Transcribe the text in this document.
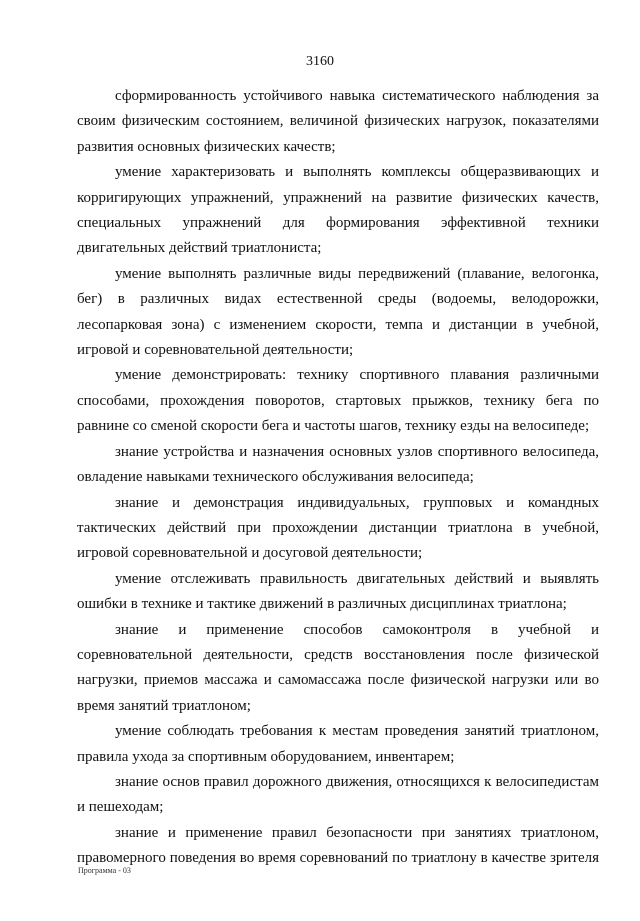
3160

сформированность устойчивого навыка систематического наблюдения за своим физическим состоянием, величиной физических нагрузок, показателями развития основных физических качеств;

умение характеризовать и выполнять комплексы общеразвивающих и корригирующих упражнений, упражнений на развитие физических качеств, специальных упражнений для формирования эффективной техники двигательных действий триатлониста;

умение выполнять различные виды передвижений (плавание, велогонка, бег) в различных видах естественной среды (водоемы, велодорожки, лесопарковая зона) с изменением скорости, темпа и дистанции в учебной, игровой и соревновательной деятельности;

умение демонстрировать: технику спортивного плавания различными способами, прохождения поворотов, стартовых прыжков, технику бега по равнине со сменой скорости бега и частоты шагов, технику езды на велосипеде;

знание устройства и назначения основных узлов спортивного велосипеда, овладение навыками технического обслуживания велосипеда;

знание и демонстрация индивидуальных, групповых и командных тактических действий при прохождении дистанции триатлона в учебной, игровой соревновательной и досуговой деятельности;

умение отслеживать правильность двигательных действий и выявлять ошибки в технике и тактике движений в различных дисциплинах триатлона;

знание и применение способов самоконтроля в учебной и соревновательной деятельности, средств восстановления после физической нагрузки, приемов массажа и самомассажа после физической нагрузки или во время занятий триатлоном;

умение соблюдать требования к местам проведения занятий триатлоном, правила ухода за спортивным оборудованием, инвентарем;

знание основ правил дорожного движения, относящихся к велосипедистам и пешеходам;

знание и применение правил безопасности при занятиях триатлоном, правомерного поведения во время соревнований по триатлону в качестве зрителя

Программа - 03
